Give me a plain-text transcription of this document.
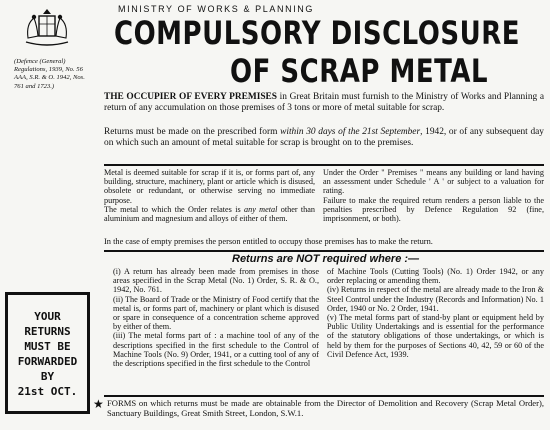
(Defence (General) Regulations, 1939, No. 56 AAA, S.R. & O. 1942, Nos. 761 and 1723.)
MINISTRY OF WORKS & PLANNING
COMPULSORY DISCLOSURE
OF SCRAP METAL
THE OCCUPIER OF EVERY PREMISES in Great Britain must furnish to the Ministry of Works and Planning a return of any accumulation on those premises of 3 tons or more of metal suitable for scrap.
Returns must be made on the prescribed form within 30 days of the 21st September, 1942, or of any subsequent day on which such an amount of metal suitable for scrap is brought on to the premises.
Metal is deemed suitable for scrap if it is, or forms part of, any building, structure, machinery, plant or article which is disused, obsolete or redundant, or otherwise serving no immediate purpose.
The metal to which the Order relates is any metal other than aluminium and magnesium and alloys of either of them.
Under the Order " Premises " means any building or land having an assessment under Schedule ' A ' or subject to a valuation for rating.
Failure to make the required return renders a person liable to the penalties prescribed by Defence Regulation 92 (fine, imprisonment, or both).
In the case of empty premises the person entitled to occupy those premises has to make the return.
Returns are NOT required where :—
(i) A return has already been made from premises in those areas specified in the Scrap Metal (No. 1) Order, S. R. & O., 1942, No. 761.
(ii) The Board of Trade or the Ministry of Food certify that the metal is, or forms part of, machinery or plant which is disused or spare in consequence of a concentration scheme approved by either of them.
(iii) The metal forms part of : a machine tool of any of the descriptions specified in the first schedule to the Control of Machine Tools (No. 9) Order, 1941, or a cutting tool of any of the descriptions specified in the first schedule to the Control
of Machine Tools (Cutting Tools) (No. 1) Order 1942, or any order replacing or amending them.
(iv) Returns in respect of the metal are already made to the Iron & Steel Control under the Industry (Records and Information) No. 1 Order, 1940 or No. 2 Order, 1941.
(v) The metal forms part of stand-by plant or equipment held by Public Utility Undertakings and is essential for the performance of the statutory obligations of those undertakings, or which is held by them for the purposes of Sections 40, 42, 59 or 60 of the Civil Defence Act, 1939.
YOUR
RETURNS
MUST BE
FORWARDED
BY
21st OCT.
★ FORMS on which returns must be made are obtainable from the Director of Demolition and Recovery (Scrap Metal Order), Sanctuary Buildings, Great Smith Street, London, S.W.1.
